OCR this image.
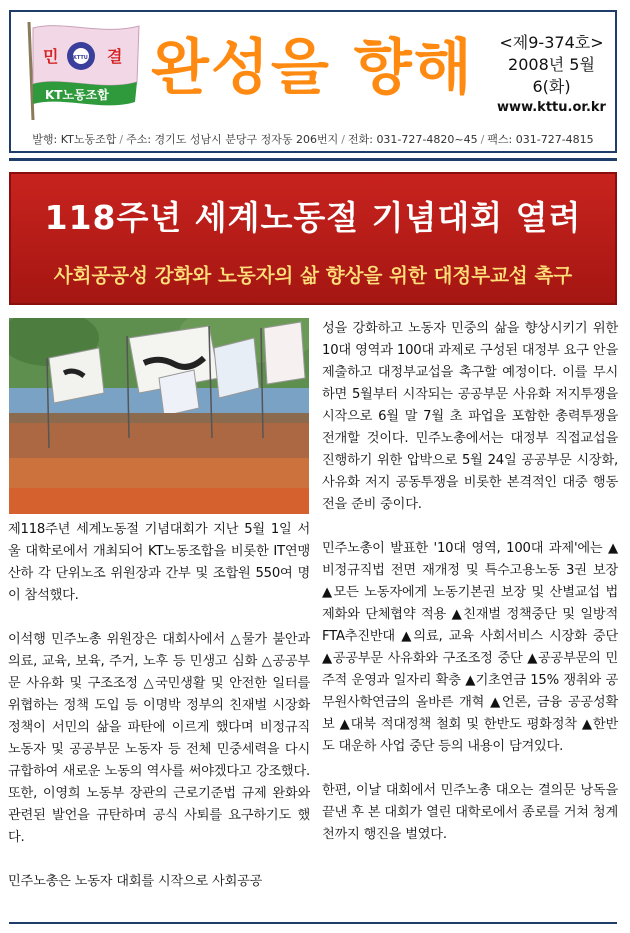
민	결
KTTU
KT노동조합 완성을 향해	<제9-374호>
2008년 5월 6(화)
www.kttu.or.kr
발행: KT노동조합 / 주소: 경기도 성남시 분당구 정자동 206번지 / 전화: 031-727-4820~45 / 팩스: 031-727-4815
118주년 세계노동절 기념대회 열려
사회공공성 강화와 노동자의 삶 향상을 위한 대정부교섭 촉구

제118주년 세계노동절 기념대회가 지난 5월 1일 서울 대학로에서 개최되어 KT노동조합을 비롯한 IT연맹 산하 각 단위노조 위원장과 간부 및 조합원 550여 명이 참석했다.

이석행 민주노총 위원장은 대회사에서 △물가 불안과 의료, 교육, 보육, 주거, 노후 등 민생고 심화 △공공부문 사유화 및 구조조정 △국민생활 및 안전한 일터를 위협하는 정책 도입 등 이명박 정부의 친재벌 시장화 정책이 서민의 삶을 파탄에 이르게 했다며 비정규직 노동자 및 공공부문 노동자 등 전체 민중세력을 다시 규합하여 새로운 노동의 역사를 써야겠다고 강조했다. 또한, 이영희 노동부 장관의 근로기준법 규제 완화와 관련된 발언을 규탄하며 공식 사퇴를 요구하기도 했다.

민주노총은 노동자 대회를 시작으로 사회공공

성을 강화하고 노동자 민중의 삶을 향상시키기 위한 10대 영역과 100대 과제로 구성된 대정부 요구 안을 제출하고 대정부교섭을 촉구할 예정이다. 이를 무시하면 5월부터 시작되는 공공부문 사유화 저지투쟁을 시작으로 6월 말 7월 초 파업을 포함한 총력투쟁을 전개할 것이다. 민주노총에서는 대정부 직접교섭을 진행하기 위한 압박으로 5월 24일 공공부문 시장화, 사유화 저지 공동투쟁을 비롯한 본격적인 대중 행동 전을 준비 중이다.

민주노총이 발표한 '10대 영역, 100대 과제'에는 ▲비정규직법 전면 재개정 및 특수고용노동 3권 보장 ▲모든 노동자에게 노동기본권 보장 및 산별교섭 법제화와 단체협약 적용 ▲친재벌 정책중단 및 일방적 FTA추진반대 ▲의료, 교육 사회서비스 시장화 중단 ▲공공부문 사유화와 구조조정 중단 ▲공공부문의 민주적 운영과 일자리 확충 ▲기초연금 15% 쟁취와 공무원사학연금의 올바른 개혁 ▲언론, 금융 공공성확보 ▲대북 적대정책 철회 및 한반도 평화정착 ▲한반도 대운하 사업 중단 등의 내용이 담겨있다.

한편, 이날 대회에서 민주노총 대오는 결의문 낭독을 끝낸 후 본 대회가 열린 대학로에서 종로를 거쳐 청계천까지 행진을 벌였다.
